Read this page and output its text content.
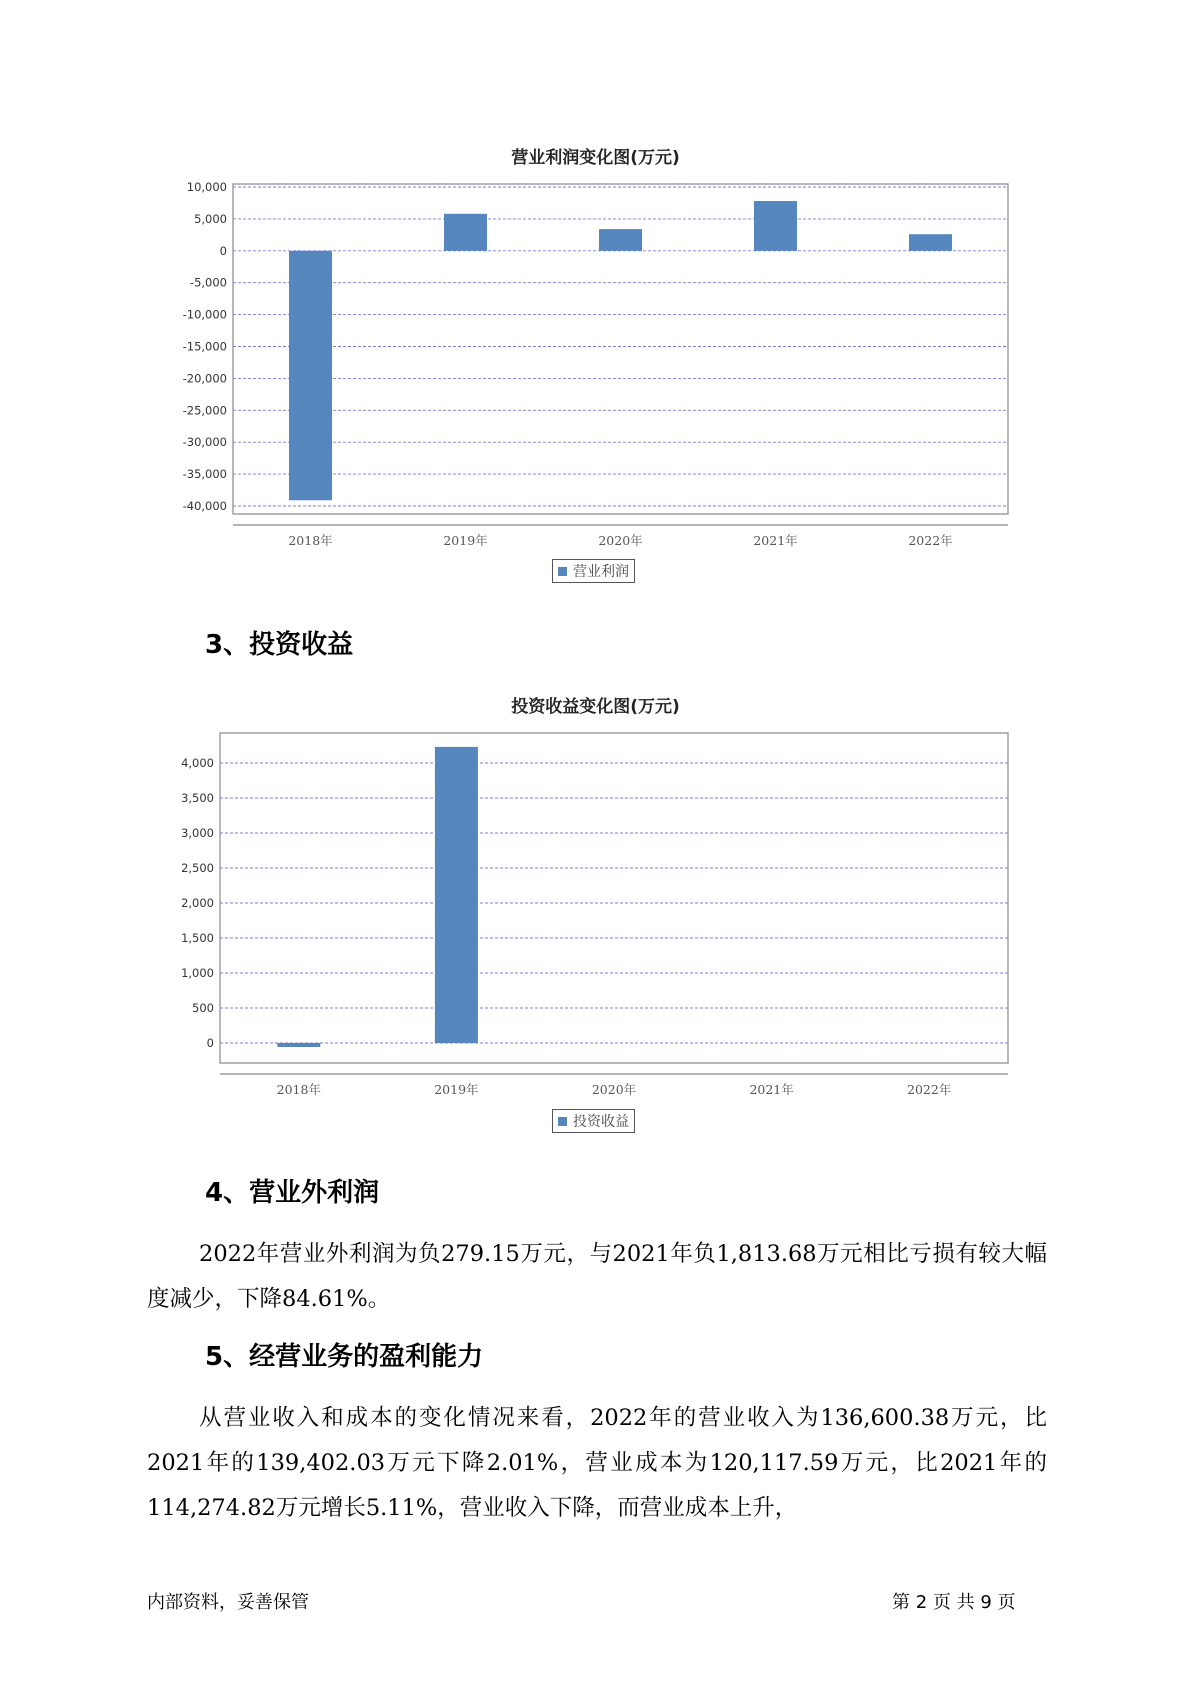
营业利润变化图(万元)
10,000
5,000
0
-5,000
-10,000
-15,000
-20,000
-25,000
-30,000
-35,000
-40,000
2018年	2019年	2020年	2021年	2022年
营业利润
3、投资收益
投资收益变化图(万元)
4,000
3,500
3,000
2,500
2,000
1,500
1,000
500
0
2018年	2019年	2020年	2021年	2022年
投资收益
4、营业外利润

2022年营业外利润为负279.15万元，与2021年负1,813.68万元相比亏损有较大幅度减少，下降84.61%。

5、经营业务的盈利能力

从营业收入和成本的变化情况来看，2022年的营业收入为136,600.38万元，比2021年的139,402.03万元下降2.01%，营业成本为120,117.59万元，比2021年的114,274.82万元增长5.11%，营业收入下降，而营业成本上升，

内部资料，妥善保管	第 2 页 共 9 页
